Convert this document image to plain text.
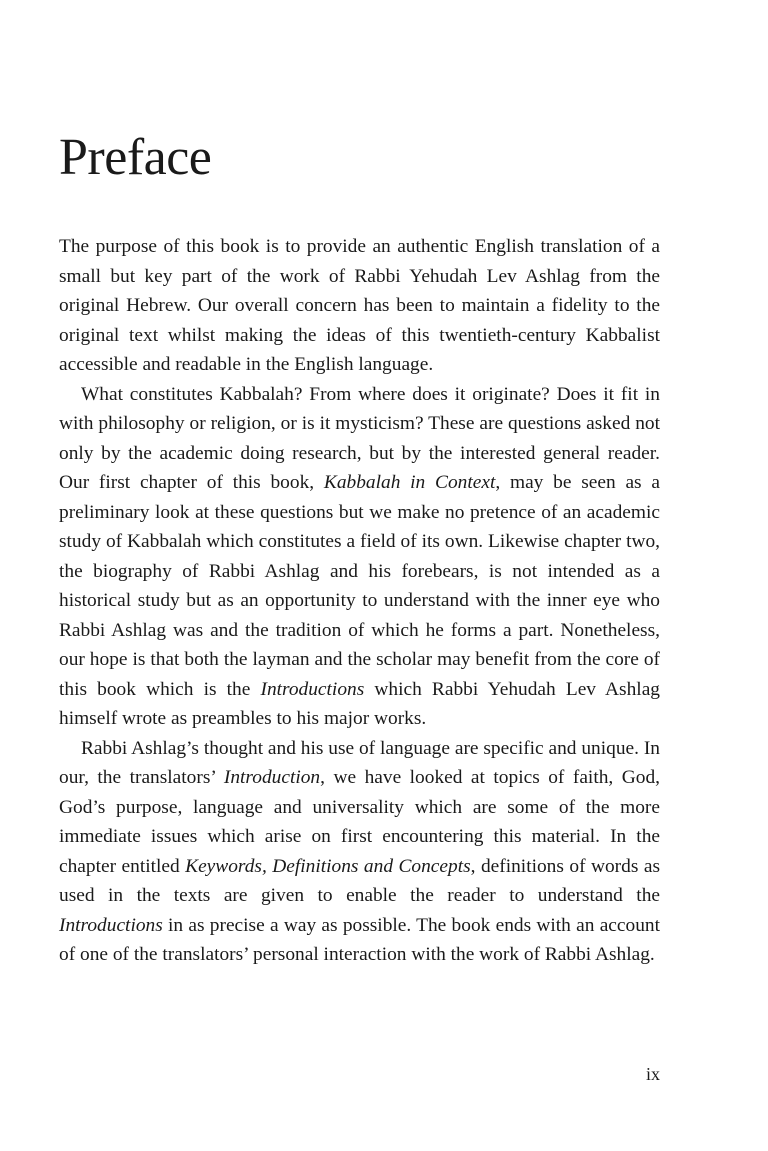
Preface

The purpose of this book is to provide an authentic English translation of a small but key part of the work of Rabbi Yehudah Lev Ashlag from the original Hebrew. Our overall concern has been to maintain a fidelity to the original text whilst making the ideas of this twentieth-century Kabbalist accessible and readable in the English language.

What constitutes Kabbalah? From where does it originate? Does it fit in with philosophy or religion, or is it mysticism? These are questions asked not only by the academic doing research, but by the interested general reader. Our first chapter of this book, Kabbalah in Context, may be seen as a preliminary look at these questions but we make no pretence of an academic study of Kabbalah which constitutes a field of its own. Likewise chapter two, the biography of Rabbi Ashlag and his forebears, is not intended as a historical study but as an opportunity to understand with the inner eye who Rabbi Ashlag was and the tradition of which he forms a part. Nonetheless, our hope is that both the layman and the scholar may benefit from the core of this book which is the Introductions which Rabbi Yehudah Lev Ashlag himself wrote as preambles to his major works.

Rabbi Ashlag’s thought and his use of language are specific and unique. In our, the translators’ Introduction, we have looked at topics of faith, God, God’s purpose, language and universality which are some of the more immediate issues which arise on first encountering this material. In the chapter entitled Keywords, Definitions and Concepts, definitions of words as used in the texts are given to enable the reader to understand the Introductions in as precise a way as possible. The book ends with an account of one of the translators’ personal interaction with the work of Rabbi Ashlag.

ix
